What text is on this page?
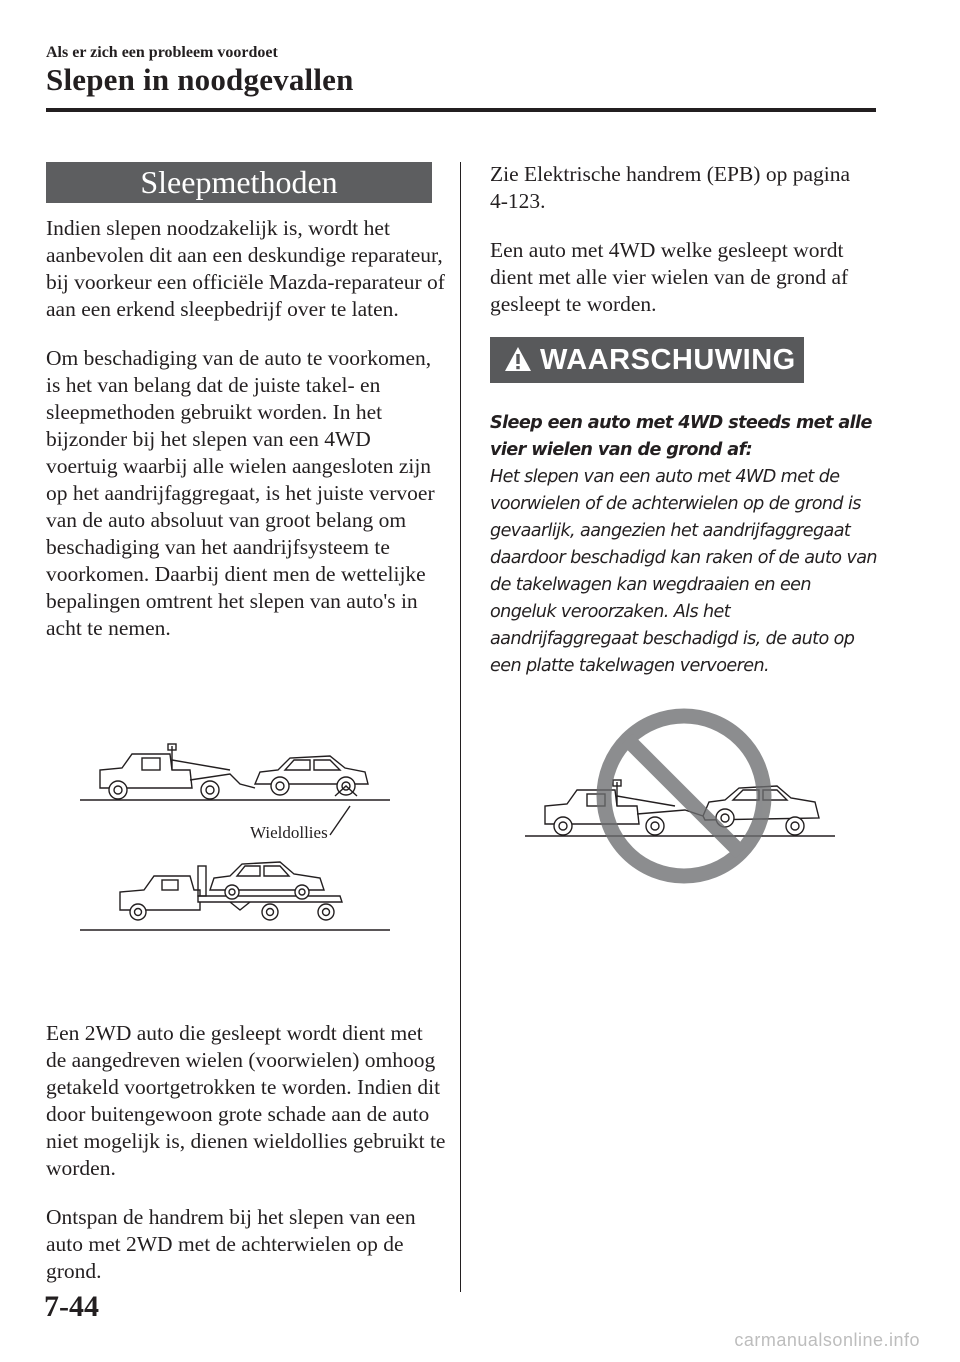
Als er zich een probleem voordoet
Slepen in noodgevallen
Sleepmethoden

Indien slepen noodzakelijk is, wordt het aanbevolen dit aan een deskundige reparateur, bij voorkeur een officiële Mazda-reparateur of aan een erkend sleepbedrijf over te laten.

Om beschadiging van de auto te voorkomen, is het van belang dat de juiste takel- en sleepmethoden gebruikt worden. In het bijzonder bij het slepen van een 4WD voertuig waarbij alle wielen aangesloten zijn op het aandrijfaggregaat, is het juiste vervoer van de auto absoluut van groot belang om beschadiging van het aandrijfsysteem te voorkomen. Daarbij dient men de wettelijke bepalingen omtrent het slepen van auto's in acht te nemen.

Wieldollies

Een 2WD auto die gesleept wordt dient met de aangedreven wielen (voorwielen) omhoog getakeld voortgetrokken te worden. Indien dit door buitengewoon grote schade aan de auto niet mogelijk is, dienen wieldollies gebruikt te worden.

Ontspan de handrem bij het slepen van een auto met 2WD met de achterwielen op de grond.

Zie Elektrische handrem (EPB) op pagina 4-123.

Een auto met 4WD welke gesleept wordt dient met alle vier wielen van de grond af gesleept te worden.

WAARSCHUWING
Sleep een auto met 4WD steeds met alle vier wielen van de grond af:
Het slepen van een auto met 4WD met de voorwielen of de achterwielen op de grond is gevaarlijk, aangezien het aandrijfaggregaat daardoor beschadigd kan raken of de auto van de takelwagen kan wegdraaien en een ongeluk veroorzaken. Als het aandrijfaggregaat beschadigd is, de auto op een platte takelwagen vervoeren.
7-44
carmanualsonline.info
